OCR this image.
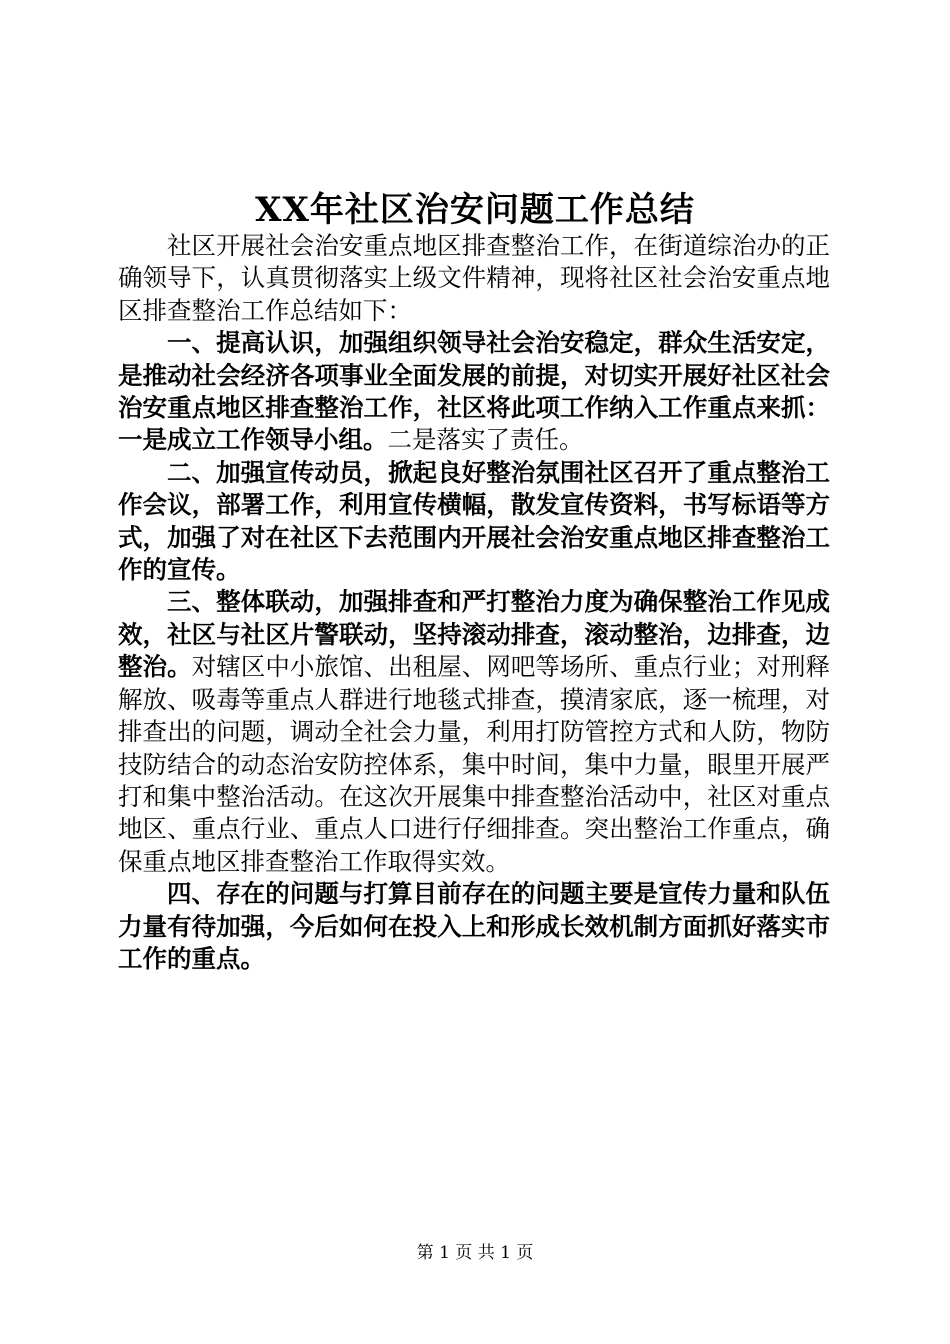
XX年社区治安问题工作总结

社区开展社会治安重点地区排查整治工作，在街道综治办的正确领导下，认真贯彻落实上级文件精神，现将社区社会治安重点地区排查整治工作总结如下：

一、提高认识，加强组织领导社会治安稳定，群众生活安定，是推动社会经济各项事业全面发展的前提，对切实开展好社区社会治安重点地区排查整治工作，社区将此项工作纳入工作重点来抓：一是成立工作领导小组。二是落实了责任。

二、加强宣传动员，掀起良好整治氛围社区召开了重点整治工作会议，部署工作，利用宣传横幅，散发宣传资料，书写标语等方式，加强了对在社区下去范围内开展社会治安重点地区排查整治工作的宣传。

三、整体联动，加强排查和严打整治力度为确保整治工作见成效，社区与社区片警联动，坚持滚动排查，滚动整治，边排查，边整治。对辖区中小旅馆、出租屋、网吧等场所、重点行业；对刑释解放、吸毒等重点人群进行地毯式排查，摸清家底，逐一梳理，对排查出的问题，调动全社会力量，利用打防管控方式和人防，物防技防结合的动态治安防控体系，集中时间，集中力量，眼里开展严打和集中整治活动。在这次开展集中排查整治活动中，社区对重点地区、重点行业、重点人口进行仔细排查。突出整治工作重点，确保重点地区排查整治工作取得实效。

四、存在的问题与打算目前存在的问题主要是宣传力量和队伍力量有待加强，今后如何在投入上和形成长效机制方面抓好落实市工作的重点。

第 1 页 共 1 页
